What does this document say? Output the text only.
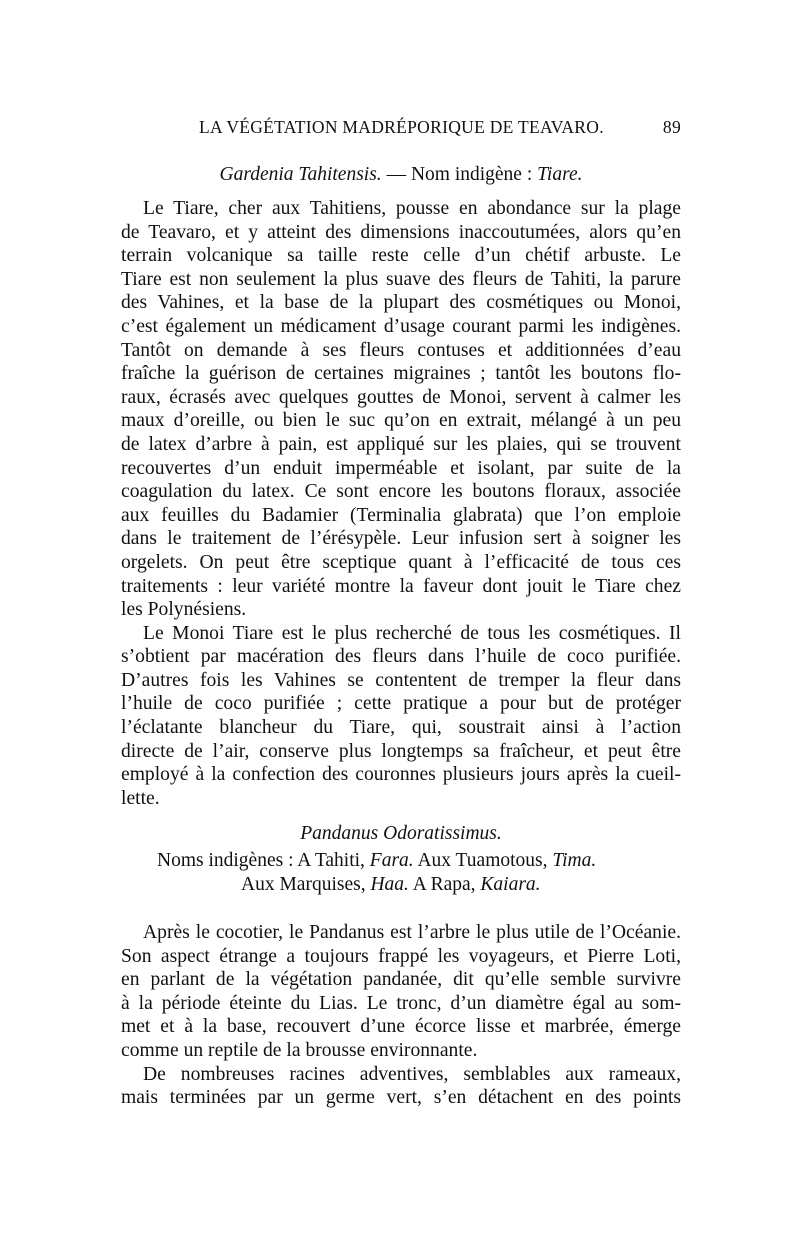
LA VÉGÉTATION MADRÉPORIQUE DE TEAVARO.	89
Gardenia Tahitensis. — Nom indigène : Tiare.
Le Tiare, cher aux Tahitiens, pousse en abondance sur la plage
de Teavaro, et y atteint des dimensions inaccoutumées, alors qu’en
terrain volcanique sa taille reste celle d’un chétif arbuste. Le
Tiare est non seulement la plus suave des fleurs de Tahiti, la parure
des Vahines, et la base de la plupart des cosmétiques ou Monoi,
c’est également un médicament d’usage courant parmi les indigènes.
Tantôt on demande à ses fleurs contuses et additionnées d’eau
fraîche la guérison de certaines migraines ; tantôt les boutons flo-
raux, écrasés avec quelques gouttes de Monoi, servent à calmer les
maux d’oreille, ou bien le suc qu’on en extrait, mélangé à un peu
de latex d’arbre à pain, est appliqué sur les plaies, qui se trouvent
recouvertes d’un enduit imperméable et isolant, par suite de la
coagulation du latex. Ce sont encore les boutons floraux, associée
aux feuilles du Badamier (Terminalia glabrata) que l’on emploie
dans le traitement de l’érésypèle. Leur infusion sert à soigner les
orgelets. On peut être sceptique quant à l’efficacité de tous ces
traitements : leur variété montre la faveur dont jouit le Tiare chez
les Polynésiens.
Le Monoi Tiare est le plus recherché de tous les cosmétiques. Il
s’obtient par macération des fleurs dans l’huile de coco purifiée.
D’autres fois les Vahines se contentent de tremper la fleur dans
l’huile de coco purifiée ; cette pratique a pour but de protéger
l’éclatante blancheur du Tiare, qui, soustrait ainsi à l’action
directe de l’air, conserve plus longtemps sa fraîcheur, et peut être
employé à la confection des couronnes plusieurs jours après la cueil-
lette.
Pandanus Odoratissimus.
Noms indigènes : A Tahiti, Fara. Aux Tuamotous, Tima.
Aux Marquises, Haa. A Rapa, Kaiara.
Après le cocotier, le Pandanus est l’arbre le plus utile de l’Océanie.
Son aspect étrange a toujours frappé les voyageurs, et Pierre Loti,
en parlant de la végétation pandanée, dit qu’elle semble survivre
à la période éteinte du Lias. Le tronc, d’un diamètre égal au som-
met et à la base, recouvert d’une écorce lisse et marbrée, émerge
comme un reptile de la brousse environnante.
De nombreuses racines adventives, semblables aux rameaux,
mais terminées par un germe vert, s’en détachent en des points
